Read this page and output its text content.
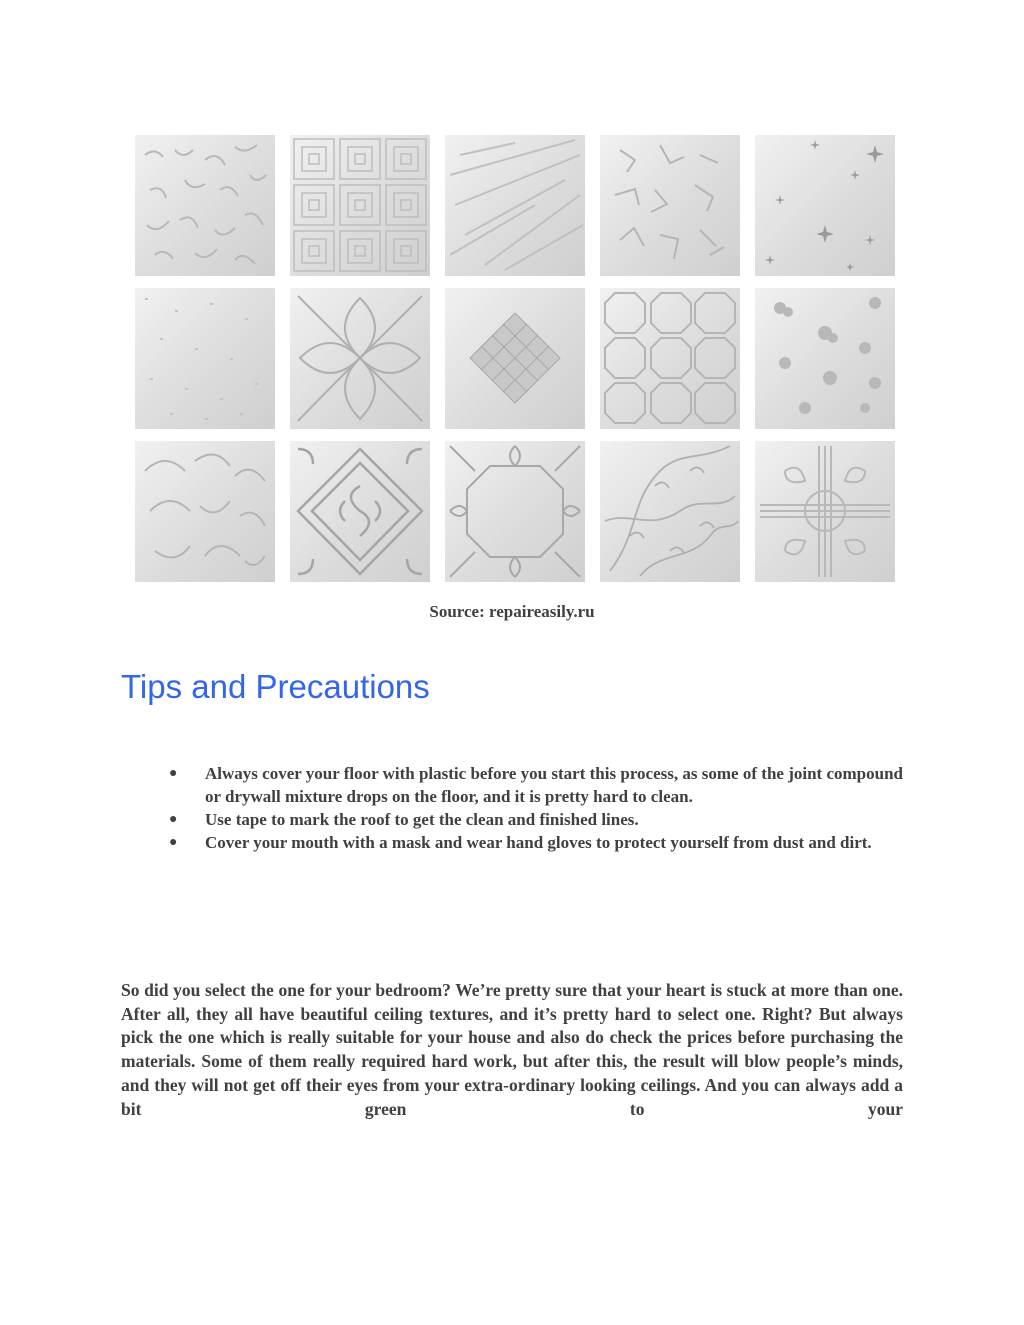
Source: repaireasily.ru
Tips and Precautions
● Always cover your floor with plastic before you start this process, as some of the joint compound or drywall mixture drops on the floor, and it is pretty hard to clean.
● Use tape to mark the roof to get the clean and finished lines.
● Cover your mouth with a mask and wear hand gloves to protect yourself from dust and dirt.

So did you select the one for your bedroom? We’re pretty sure that your heart is stuck at more than one. After all, they all have beautiful ceiling textures, and it’s pretty hard to select one. Right? But always pick the one which is really suitable for your house and also do check the prices before purchasing the materials. Some of them really required hard work, but after this, the result will blow people’s minds, and they will not get off their eyes from your extra-ordinary looking ceilings. And you can always add a bit green to your
